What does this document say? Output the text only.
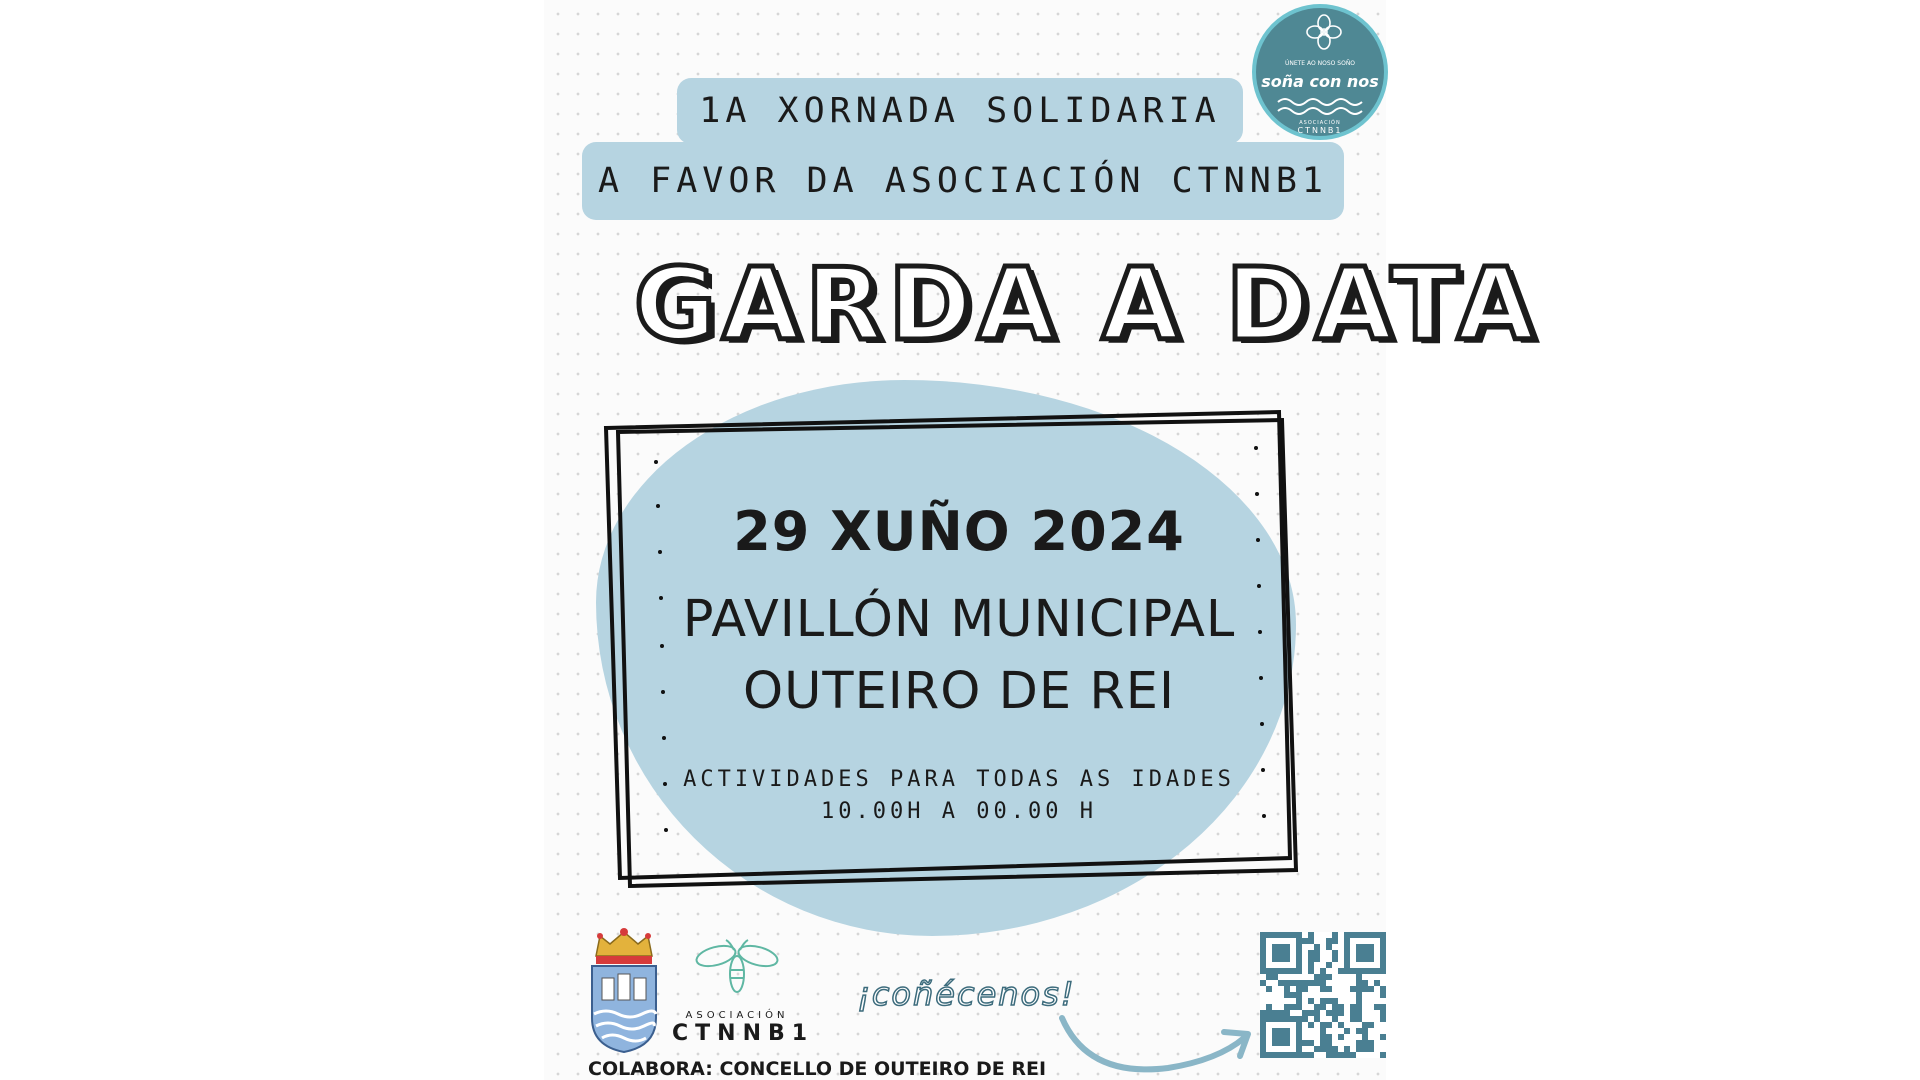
1A XORNADA SOLIDARIA
A FAVOR DA ASOCIACIÓN CTNNB1
ÚNETE AO NOSO SOÑO
soña con nos
ASOCIACIÓN
CTNNB1
GARDA A DATA
29 XUÑO 2024
PAVILLÓN MUNICIPAL
OUTEIRO DE REI
ACTIVIDADES PARA TODAS AS IDADES
10.00H A 00.00 H
ASOCIACIÓN
CTNNB1
¡coñécenos!
COLABORA: CONCELLO DE OUTEIRO DE REI
